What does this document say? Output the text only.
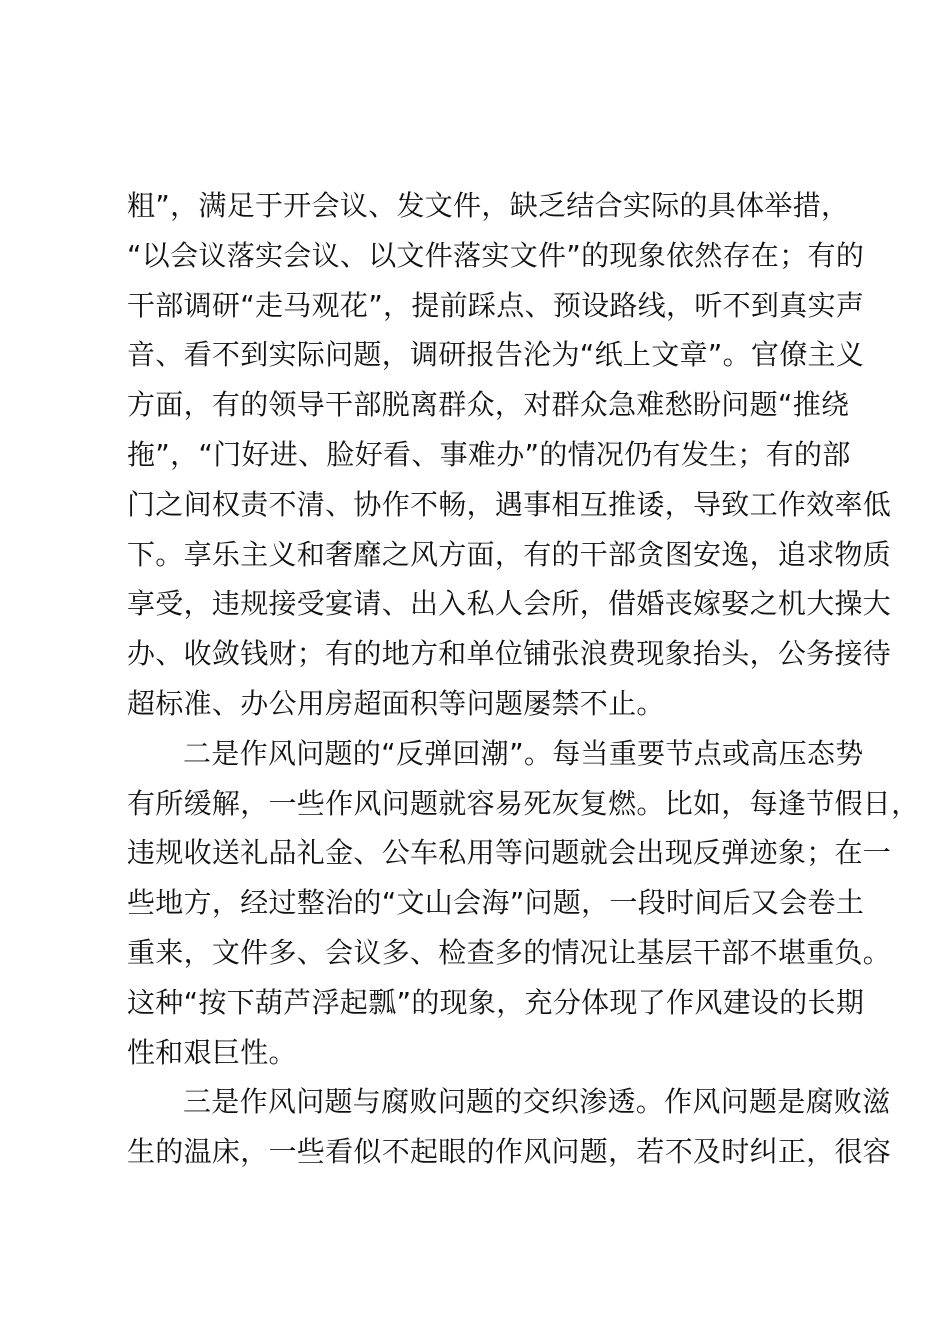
粗”，满足于开会议、发文件，缺乏结合实际的具体举措，
“以会议落实会议、以文件落实文件”的现象依然存在；有的
干部调研“走马观花”，提前踩点、预设路线，听不到真实声
音、看不到实际问题，调研报告沦为“纸上文章”。官僚主义
方面，有的领导干部脱离群众，对群众急难愁盼问题“推绕
拖”，“门好进、脸好看、事难办”的情况仍有发生；有的部
门之间权责不清、协作不畅，遇事相互推诿，导致工作效率低
下。享乐主义和奢靡之风方面，有的干部贪图安逸，追求物质
享受，违规接受宴请、出入私人会所，借婚丧嫁娶之机大操大
办、收敛钱财；有的地方和单位铺张浪费现象抬头，公务接待
超标准、办公用房超面积等问题屡禁不止。
二是作风问题的“反弹回潮”。每当重要节点或高压态势
有所缓解，一些作风问题就容易死灰复燃。比如，每逢节假日，
违规收送礼品礼金、公车私用等问题就会出现反弹迹象；在一
些地方，经过整治的“文山会海”问题，一段时间后又会卷土
重来，文件多、会议多、检查多的情况让基层干部不堪重负。
这种“按下葫芦浮起瓢”的现象，充分体现了作风建设的长期
性和艰巨性。
三是作风问题与腐败问题的交织渗透。作风问题是腐败滋
生的温床，一些看似不起眼的作风问题，若不及时纠正，很容
